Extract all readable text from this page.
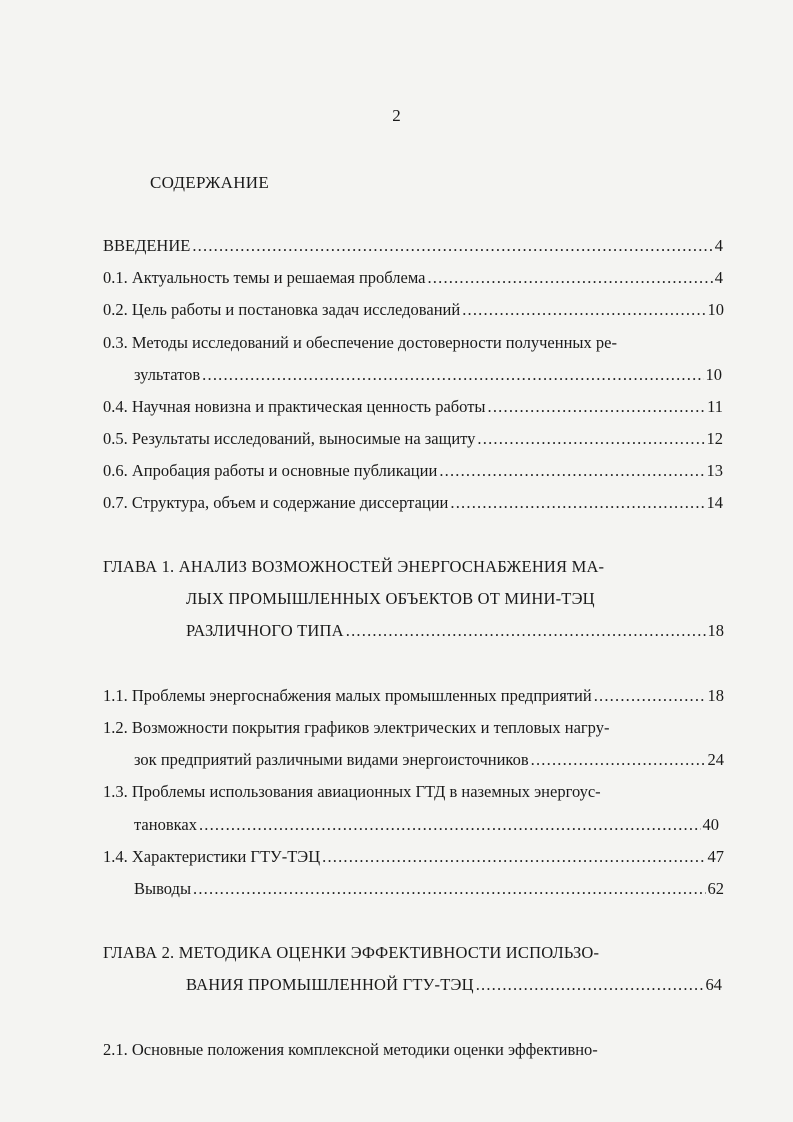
2
СОДЕРЖАНИЕ
ВВЕДЕНИЕ .....	4
0.1. Актуальность темы и решаемая проблема .....	4
0.2. Цель работы и постановка задач исследований .....	10
0.3. Методы исследований и обеспечение достоверности полученных ре-
зультатов .....	10
0.4. Научная новизна и практическая ценность работы .....	11
0.5. Результаты исследований, выносимые на защиту .....	12
0.6. Апробация работы и основные публикации .....	13
0.7. Структура, объем и содержание диссертации .....	14
ГЛАВА 1. АНАЛИЗ ВОЗМОЖНОСТЕЙ ЭНЕРГОСНАБЖЕНИЯ МА-
ЛЫХ ПРОМЫШЛЕННЫХ ОБЪЕКТОВ ОТ МИНИ-ТЭЦ
РАЗЛИЧНОГО ТИПА .....	18
1.1. Проблемы энергоснабжения малых промышленных предприятий .....	18
1.2. Возможности покрытия графиков электрических и тепловых нагру-
зок предприятий различными видами энергоисточников .....	24
1.3. Проблемы использования авиационных ГТД в наземных энергоус-
тановках .....	40
1.4. Характеристики ГТУ-ТЭЦ .....	47
Выводы .....	62
ГЛАВА 2. МЕТОДИКА ОЦЕНКИ ЭФФЕКТИВНОСТИ ИСПОЛЬЗО-
ВАНИЯ ПРОМЫШЛЕННОЙ ГТУ-ТЭЦ .....	64
2.1. Основные положения комплексной методики оценки эффективно-
